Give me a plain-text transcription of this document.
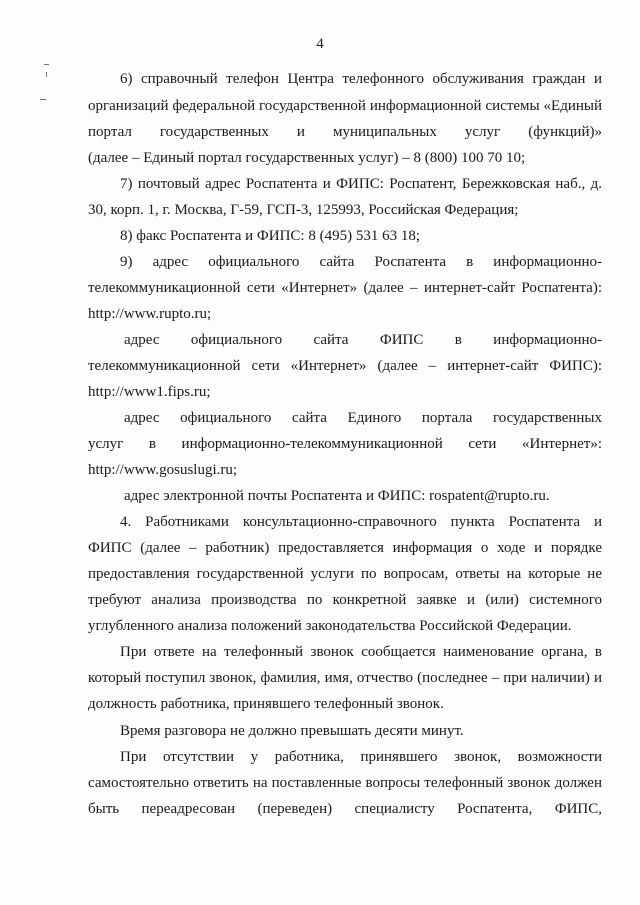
4
6) справочный телефон Центра телефонного обслуживания граждан и
организаций федеральной государственной информационной системы «Единый
портал государственных и муниципальных услуг (функций)»
(далее – Единый портал государственных услуг) – 8 (800) 100 70 10;
7) почтовый адрес Роспатента и ФИПС: Роспатент, Бережковская наб., д.
30, корп. 1, г. Москва, Г-59, ГСП-3, 125993, Российская Федерация;
8) факс Роспатента и ФИПС: 8 (495) 531 63 18;
9) адрес официального сайта Роспатента в информационно-
телекоммуникационной сети «Интернет» (далее – интернет-сайт Роспатента):
http://www.rupto.ru;
адрес официального сайта ФИПС в информационно-
телекоммуникационной сети «Интернет» (далее – интернет-сайт ФИПС):
http://www1.fips.ru;
адрес официального сайта Единого портала государственных
услуг в информационно-телекоммуникационной сети «Интернет»:
http://www.gosuslugi.ru;
адрес электронной почты Роспатента и ФИПС: rospatent@rupto.ru.
4. Работниками консультационно-справочного пункта Роспатента и
ФИПС (далее – работник) предоставляется информация о ходе и порядке
предоставления государственной услуги по вопросам, ответы на которые не
требуют анализа производства по конкретной заявке и (или) системного
углубленного анализа положений законодательства Российской Федерации.
При ответе на телефонный звонок сообщается наименование органа, в
который поступил звонок, фамилия, имя, отчество (последнее – при наличии) и
должность работника, принявшего телефонный звонок.
Время разговора не должно превышать десяти минут.
При отсутствии у работника, принявшего звонок, возможности
самостоятельно ответить на поставленные вопросы телефонный звонок должен
быть переадресован (переведен) специалисту Роспатента, ФИПС,
